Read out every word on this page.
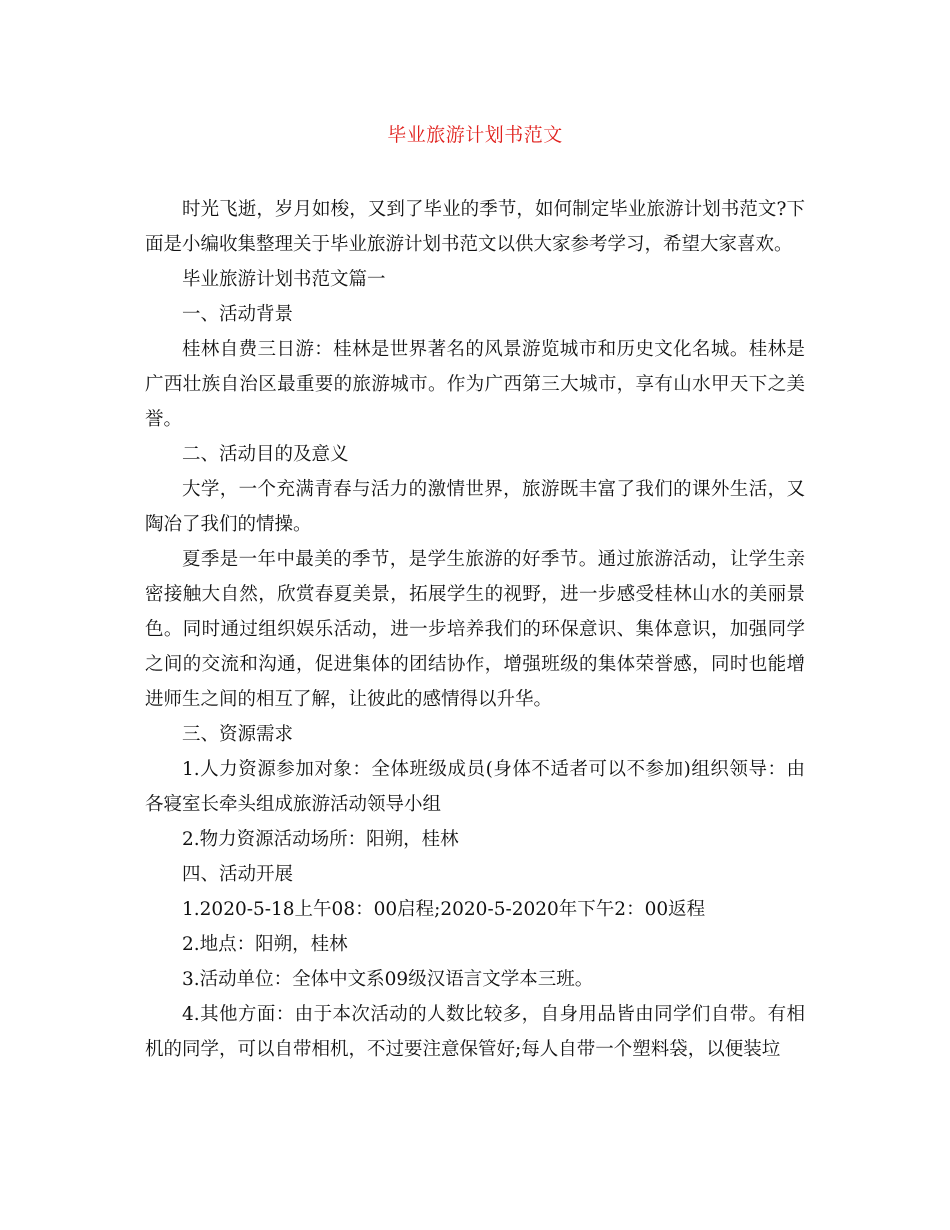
毕业旅游计划书范文

时光飞逝，岁月如梭，又到了毕业的季节，如何制定毕业旅游计划书范文?下面是小编收集整理关于毕业旅游计划书范文以供大家参考学习，希望大家喜欢。

毕业旅游计划书范文篇一

一、活动背景

桂林自费三日游：桂林是世界著名的风景游览城市和历史文化名城。桂林是广西壮族自治区最重要的旅游城市。作为广西第三大城市，享有山水甲天下之美誉。

二、活动目的及意义

大学，一个充满青春与活力的激情世界，旅游既丰富了我们的课外生活，又陶冶了我们的情操。

夏季是一年中最美的季节，是学生旅游的好季节。通过旅游活动，让学生亲密接触大自然，欣赏春夏美景，拓展学生的视野，进一步感受桂林山水的美丽景色。同时通过组织娱乐活动，进一步培养我们的环保意识、集体意识，加强同学之间的交流和沟通，促进集体的团结协作，增强班级的集体荣誉感，同时也能增进师生之间的相互了解，让彼此的感情得以升华。

三、资源需求

1.人力资源参加对象：全体班级成员(身体不适者可以不参加)组织领导：由各寝室长牵头组成旅游活动领导小组

2.物力资源活动场所：阳朔，桂林

四、活动开展

1.2020-5-18上午08：00启程;2020-5-2020年下午2：00返程

2.地点：阳朔，桂林

3.活动单位：全体中文系09级汉语言文学本三班。

4.其他方面：由于本次活动的人数比较多，自身用品皆由同学们自带。有相机的同学，可以自带相机，不过要注意保管好;每人自带一个塑料袋，以便装垃
